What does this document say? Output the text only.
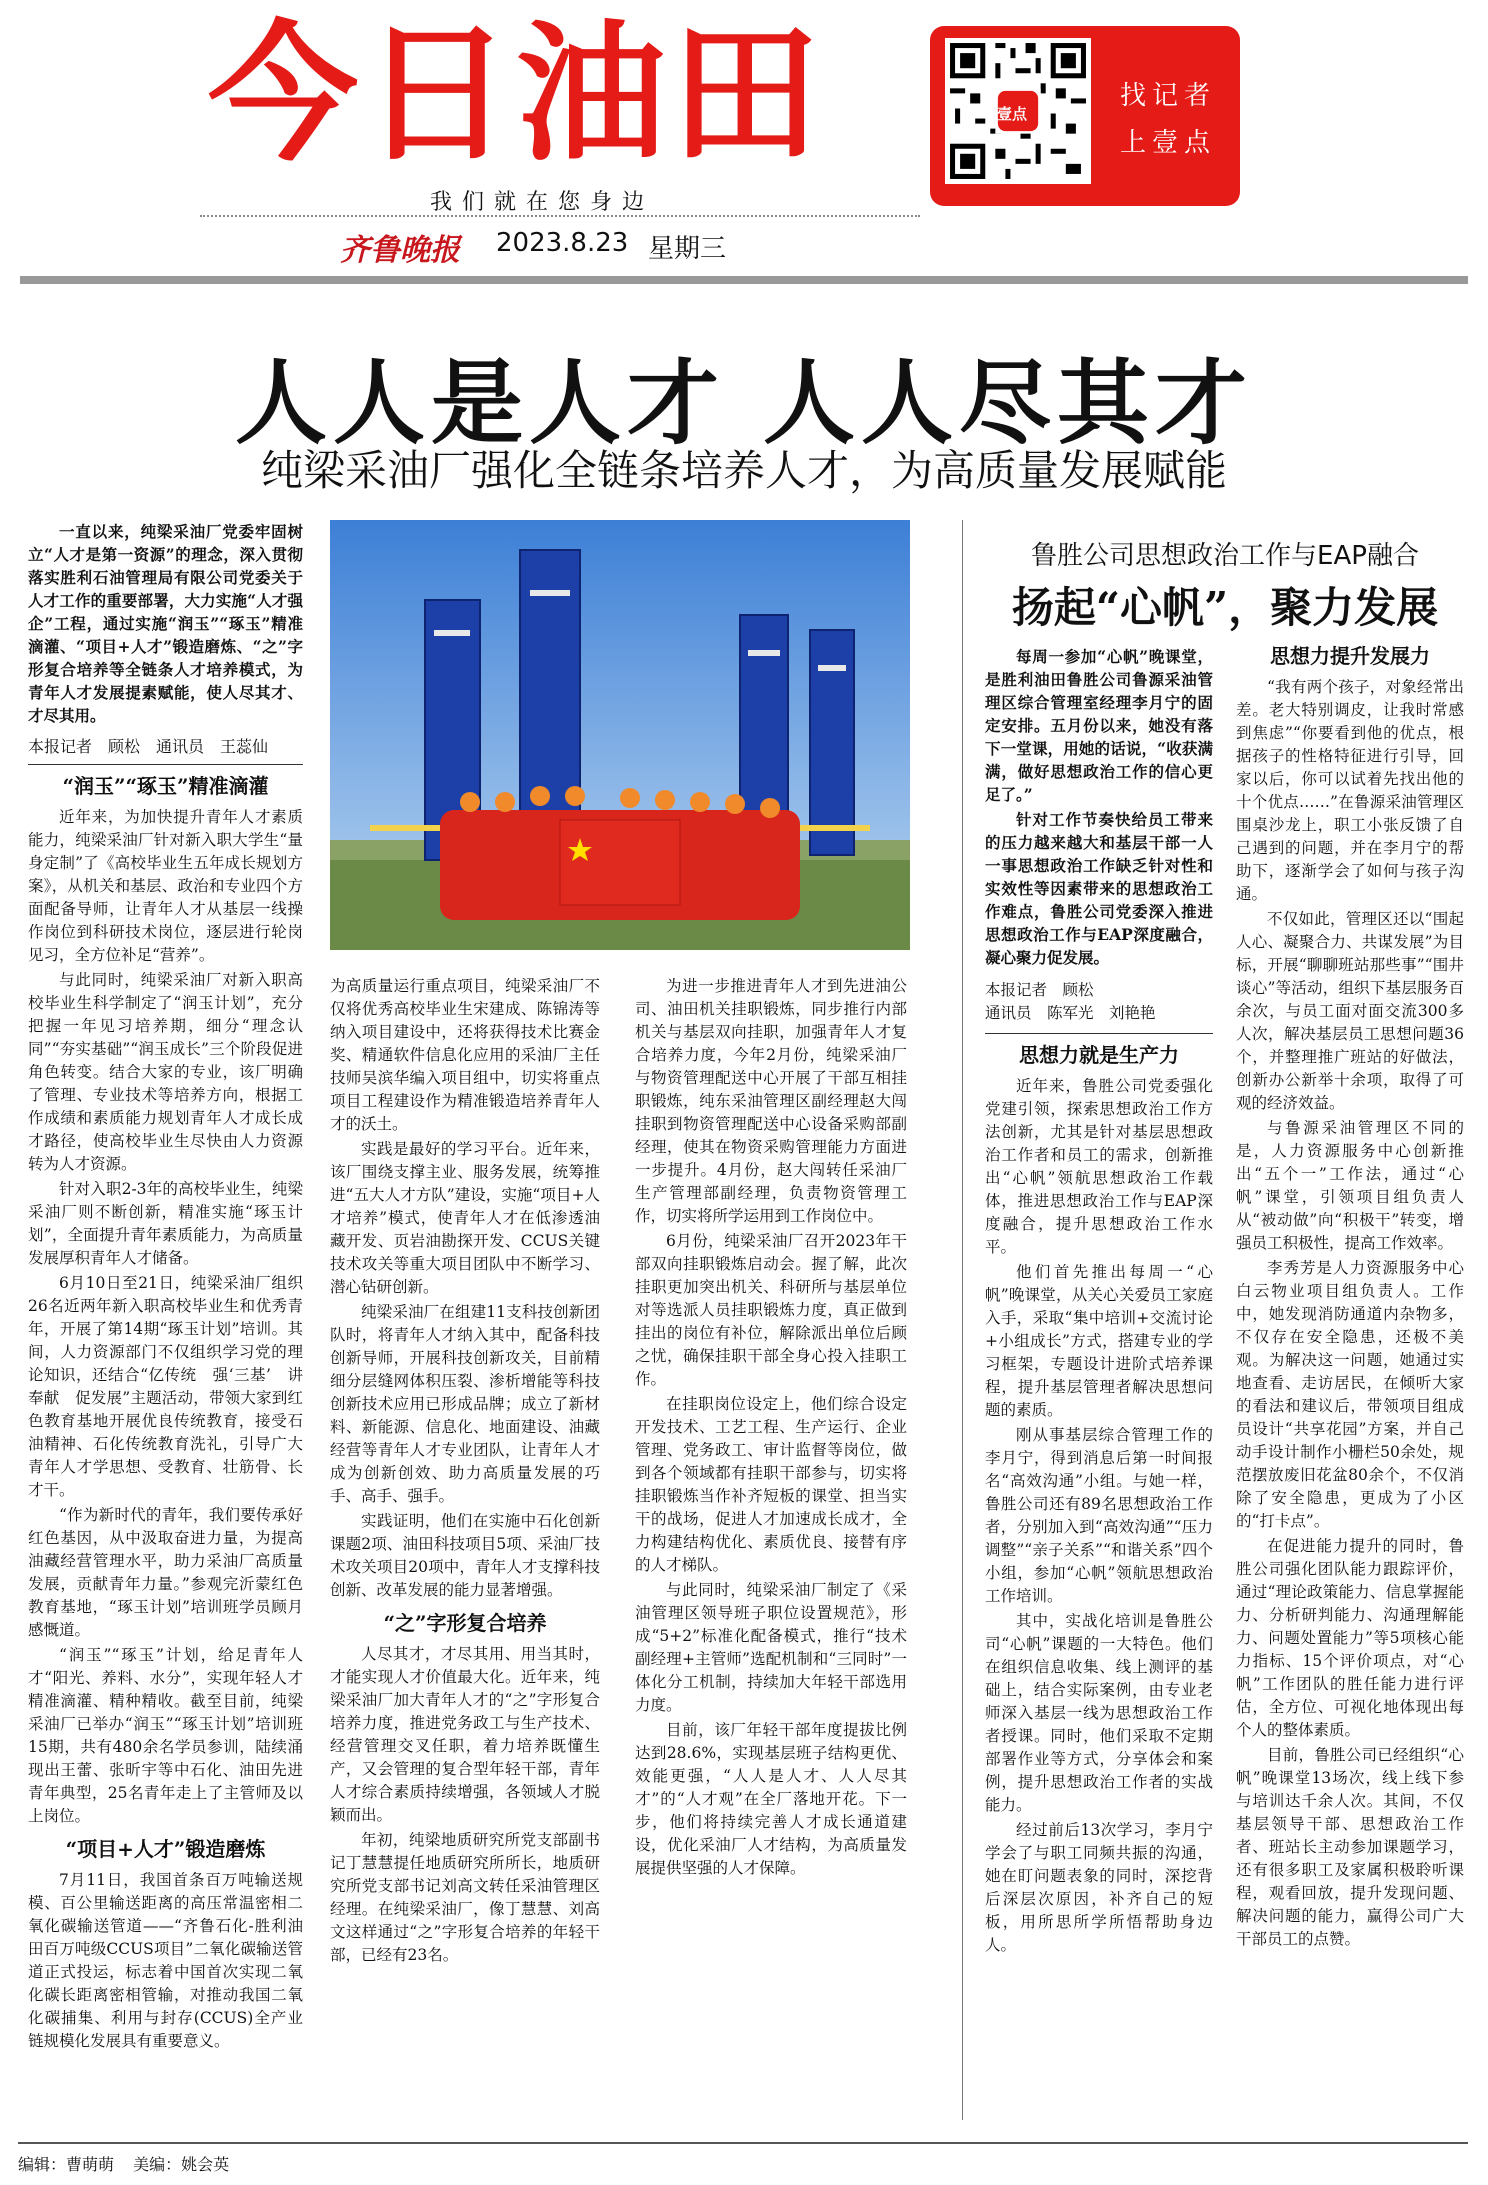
今日油田
我们就在您身边
齐鲁晚报 2023.8.23 星期三
壹点
找记者
上壹点
人人是人才 人人尽其才
纯梁采油厂强化全链条培养人才，为高质量发展赋能

一直以来，纯梁采油厂党委牢固树立“人才是第一资源”的理念，深入贯彻落实胜利石油管理局有限公司党委关于人才工作的重要部署，大力实施“人才强企”工程，通过实施“润玉”“琢玉”精准滴灌、“项目+人才”锻造磨炼、“之”字形复合培养等全链条人才培养模式，为青年人才发展提素赋能，使人尽其才、才尽其用。

本报记者　顾松　通讯员　王蕊仙
“润玉”“琢玉”精准滴灌

近年来，为加快提升青年人才素质能力，纯梁采油厂针对新入职大学生“量身定制”了《高校毕业生五年成长规划方案》，从机关和基层、政治和专业四个方面配备导师，让青年人才从基层一线操作岗位到科研技术岗位，逐层进行轮岗见习，全方位补足“营养”。

与此同时，纯梁采油厂对新入职高校毕业生科学制定了“润玉计划”，充分把握一年见习培养期，细分“理念认同”“夯实基础”“润玉成长”三个阶段促进角色转变。结合大家的专业，该厂明确了管理、专业技术等培养方向，根据工作成绩和素质能力规划青年人才成长成才路径，使高校毕业生尽快由人力资源转为人才资源。

针对入职2-3年的高校毕业生，纯梁采油厂则不断创新，精准实施“琢玉计划”，全面提升青年素质能力，为高质量发展厚积青年人才储备。

6月10日至21日，纯梁采油厂组织26名近两年新入职高校毕业生和优秀青年，开展了第14期“琢玉计划”培训。其间，人力资源部门不仅组织学习党的理论知识，还结合“亿传统　强‘三基’　讲奉献　促发展”主题活动，带领大家到红色教育基地开展优良传统教育，接受石油精神、石化传统教育洗礼，引导广大青年人才学思想、受教育、壮筋骨、长才干。

“作为新时代的青年，我们要传承好红色基因，从中汲取奋进力量，为提高油藏经营管理水平，助力采油厂高质量发展，贡献青年力量。”参观完沂蒙红色教育基地，“琢玉计划”培训班学员顾月感慨道。

“润玉”“琢玉”计划，给足青年人才“阳光、养料、水分”，实现年轻人才精准滴灌、精种精收。截至目前，纯梁采油厂已举办“润玉”“琢玉计划”培训班15期，共有480余名学员参训，陆续涌现出王蕾、张昕宇等中石化、油田先进青年典型，25名青年走上了主管师及以上岗位。

“项目+人才”锻造磨炼

7月11日，我国首条百万吨输送规模、百公里输送距离的高压常温密相二氧化碳输送管道——“齐鲁石化-胜利油田百万吨级CCUS项目”二氧化碳输送管道正式投运，标志着中国首次实现二氧化碳长距离密相管输，对推动我国二氧化碳捕集、利用与封存(CCUS)全产业链规模化发展具有重要意义。

为高质量运行重点项目，纯梁采油厂不仅将优秀高校毕业生宋建成、陈锦涛等纳入项目建设中，还将获得技术比赛金奖、精通软件信息化应用的采油厂主任技师吴滨华编入项目组中，切实将重点项目工程建设作为精准锻造培养青年人才的沃土。

实践是最好的学习平台。近年来，该厂围绕支撑主业、服务发展，统筹推进“五大人才方队”建设，实施“项目+人才培养”模式，使青年人才在低渗透油藏开发、页岩油勘探开发、CCUS关键技术攻关等重大项目团队中不断学习、潜心钻研创新。

纯梁采油厂在组建11支科技创新团队时，将青年人才纳入其中，配备科技创新导师，开展科技创新攻关，目前精细分层缝网体积压裂、渗析增能等科技创新技术应用已形成品牌；成立了新材料、新能源、信息化、地面建设、油藏经营等青年人才专业团队，让青年人才成为创新创效、助力高质量发展的巧手、高手、强手。

实践证明，他们在实施中石化创新课题2项、油田科技项目5项、采油厂技术攻关项目20项中，青年人才支撑科技创新、改革发展的能力显著增强。

“之”字形复合培养

人尽其才，才尽其用、用当其时，才能实现人才价值最大化。近年来，纯梁采油厂加大青年人才的“之”字形复合培养力度，推进党务政工与生产技术、经营管理交叉任职，着力培养既懂生产，又会管理的复合型年轻干部，青年人才综合素质持续增强，各领域人才脱颖而出。

年初，纯梁地质研究所党支部副书记丁慧慧提任地质研究所所长，地质研究所党支部书记刘高文转任采油管理区经理。在纯梁采油厂，像丁慧慧、刘高文这样通过“之”字形复合培养的年轻干部，已经有23名。

为进一步推进青年人才到先进油公司、油田机关挂职锻炼，同步推行内部机关与基层双向挂职，加强青年人才复合培养力度，今年2月份，纯梁采油厂与物资管理配送中心开展了干部互相挂职锻炼，纯东采油管理区副经理赵大闯挂职到物资管理配送中心设备采购部副经理，使其在物资采购管理能力方面进一步提升。4月份，赵大闯转任采油厂生产管理部副经理，负责物资管理工作，切实将所学运用到工作岗位中。

6月份，纯梁采油厂召开2023年干部双向挂职锻炼启动会。握了解，此次挂职更加突出机关、科研所与基层单位对等选派人员挂职锻炼力度，真正做到挂出的岗位有补位，解除派出单位后顾之忧，确保挂职干部全身心投入挂职工作。

在挂职岗位设定上，他们综合设定开发技术、工艺工程、生产运行、企业管理、党务政工、审计监督等岗位，做到各个领域都有挂职干部参与，切实将挂职锻炼当作补齐短板的课堂、担当实干的战场，促进人才加速成长成才，全力构建结构优化、素质优良、接替有序的人才梯队。

与此同时，纯梁采油厂制定了《采油管理区领导班子职位设置规范》，形成“5+2”标准化配备模式，推行“技术副经理+主管师”选配机制和“三同时”一体化分工机制，持续加大年轻干部选用力度。

目前，该厂年轻干部年度提拔比例达到28.6%，实现基层班子结构更优、效能更强，“人人是人才、人人尽其才”的“人才观”在全厂落地开花。下一步，他们将持续完善人才成长通道建设，优化采油厂人才结构，为高质量发展提供坚强的人才保障。

鲁胜公司思想政治工作与EAP融合
扬起“心帆”，聚力发展

每周一参加“心帆”晚课堂，是胜利油田鲁胜公司鲁源采油管理区综合管理室经理李月宁的固定安排。五月份以来，她没有落下一堂课，用她的话说，“收获满满，做好思想政治工作的信心更足了。”

针对工作节奏快给员工带来的压力越来越大和基层干部一人一事思想政治工作缺乏针对性和实效性等因素带来的思想政治工作难点，鲁胜公司党委深入推进思想政治工作与EAP深度融合，凝心聚力促发展。

本报记者　顾松
通讯员　陈军光　刘艳艳
思想力就是生产力

近年来，鲁胜公司党委强化党建引领，探索思想政治工作方法创新，尤其是针对基层思想政治工作者和员工的需求，创新推出“心帆”领航思想政治工作载体，推进思想政治工作与EAP深度融合，提升思想政治工作水平。

他们首先推出每周一“心帆”晚课堂，从关心关爱员工家庭入手，采取“集中培训+交流讨论+小组成长”方式，搭建专业的学习框架，专题设计进阶式培养课程，提升基层管理者解决思想问题的素质。

刚从事基层综合管理工作的李月宁，得到消息后第一时间报名“高效沟通”小组。与她一样，鲁胜公司还有89名思想政治工作者，分别加入到“高效沟通”“压力调整”“亲子关系”“和谐关系”四个小组，参加“心帆”领航思想政治工作培训。

其中，实战化培训是鲁胜公司“心帆”课题的一大特色。他们在组织信息收集、线上测评的基础上，结合实际案例，由专业老师深入基层一线为思想政治工作者授课。同时，他们采取不定期部署作业等方式，分享体会和案例，提升思想政治工作者的实战能力。

经过前后13次学习，李月宁学会了与职工同频共振的沟通，她在盯问题表象的同时，深挖背后深层次原因，补齐自己的短板，用所思所学所悟帮助身边人。

思想力提升发展力

“我有两个孩子，对象经常出差。老大特别调皮，让我时常感到焦虑”“你要看到他的优点，根据孩子的性格特征进行引导，回家以后，你可以试着先找出他的十个优点……”在鲁源采油管理区围桌沙龙上，职工小张反馈了自己遇到的问题，并在李月宁的帮助下，逐渐学会了如何与孩子沟通。

不仅如此，管理区还以“围起人心、凝聚合力、共谋发展”为目标，开展“聊聊班站那些事”“围井谈心”等活动，组织下基层服务百余次，与员工面对面交流300多人次，解决基层员工思想问题36个，并整理推广班站的好做法，创新办公新举十余项，取得了可观的经济效益。

与鲁源采油管理区不同的是，人力资源服务中心创新推出“五个一”工作法，通过“心帆”课堂，引领项目组负责人从“被动做”向“积极干”转变，增强员工积极性，提高工作效率。

李秀芳是人力资源服务中心白云物业项目组负责人。工作中，她发现消防通道内杂物多，不仅存在安全隐患，还极不美观。为解决这一问题，她通过实地查看、走访居民，在倾听大家的看法和建议后，带领项目组成员设计“共享花园”方案，并自己动手设计制作小栅栏50余处，规范摆放废旧花盆80余个，不仅消除了安全隐患，更成为了小区的“打卡点”。

在促进能力提升的同时，鲁胜公司强化团队能力跟踪评价，通过“理论政策能力、信息掌握能力、分析研判能力、沟通理解能力、问题处置能力”等5项核心能力指标、15个评价项点，对“心帆”工作团队的胜任能力进行评估，全方位、可视化地体现出每个人的整体素质。

目前，鲁胜公司已经组织“心帆”晚课堂13场次，线上线下参与培训达千余人次。其间，不仅基层领导干部、思想政治工作者、班站长主动参加课题学习，还有很多职工及家属积极聆听课程，观看回放，提升发现问题、解决问题的能力，赢得公司广大干部员工的点赞。

编辑：曹萌萌 美编：姚会英
